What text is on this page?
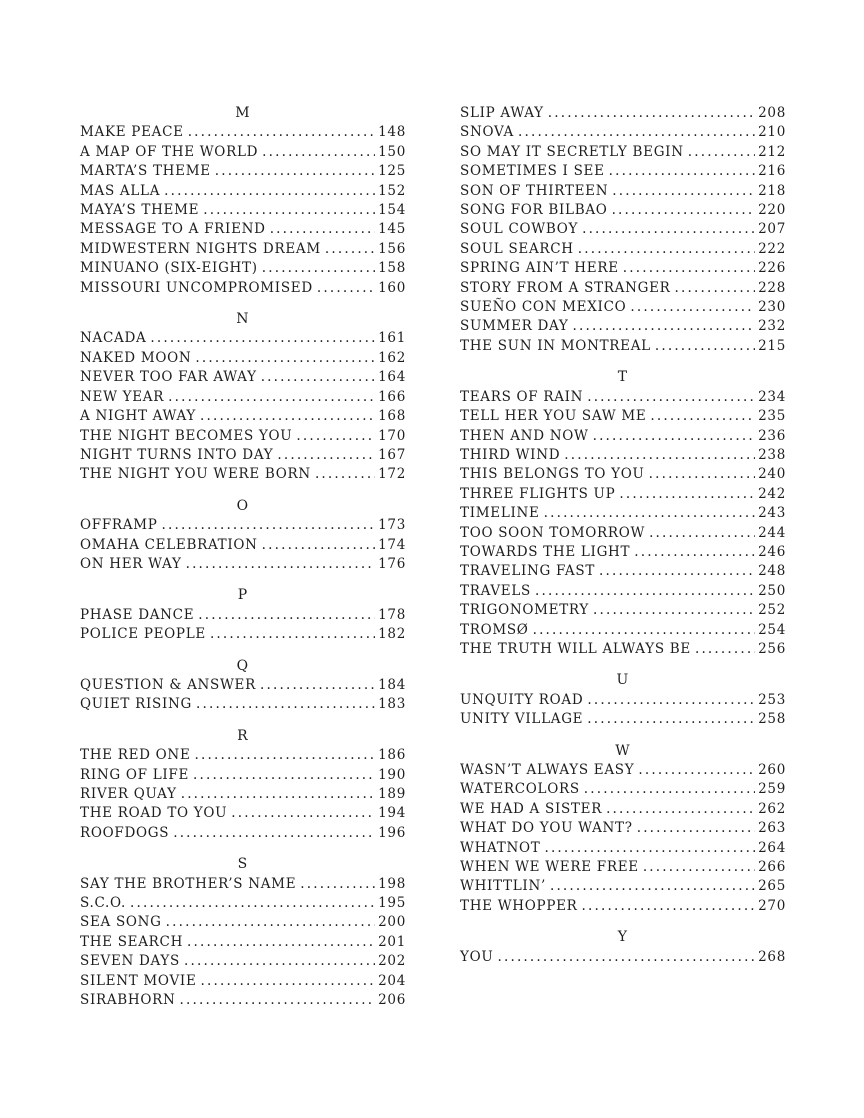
M
MAKE PEACE .....	148
A MAP OF THE WORLD .....	150
MARTA’S THEME .....	125
MAS ALLA .....	152
MAYA’S THEME .....	154
MESSAGE TO A FRIEND .....	145
MIDWESTERN NIGHTS DREAM .....	156
MINUANO (SIX-EIGHT) .....	158
MISSOURI UNCOMPROMISED .....	160
N
NACADA .....	161
NAKED MOON .....	162
NEVER TOO FAR AWAY .....	164
NEW YEAR .....	166
A NIGHT AWAY .....	168
THE NIGHT BECOMES YOU .....	170
NIGHT TURNS INTO DAY .....	167
THE NIGHT YOU WERE BORN .....	172
O
OFFRAMP .....	173
OMAHA CELEBRATION .....	174
ON HER WAY .....	176
P
PHASE DANCE .....	178
POLICE PEOPLE .....	182
Q
QUESTION & ANSWER .....	184
QUIET RISING .....	183
R
THE RED ONE .....	186
RING OF LIFE .....	190
RIVER QUAY .....	189
THE ROAD TO YOU .....	194
ROOFDOGS .....	196
S
SAY THE BROTHER’S NAME .....	198
S.C.O. .....	195
SEA SONG .....	200
THE SEARCH .....	201
SEVEN DAYS .....	202
SILENT MOVIE .....	204
SIRABHORN .....	206
SLIP AWAY .....	208
SNOVA .....	210
SO MAY IT SECRETLY BEGIN .....	212
SOMETIMES I SEE .....	216
SON OF THIRTEEN .....	218
SONG FOR BILBAO .....	220
SOUL COWBOY .....	207
SOUL SEARCH .....	222
SPRING AIN’T HERE .....	226
STORY FROM A STRANGER .....	228
SUEÑO CON MEXICO .....	230
SUMMER DAY .....	232
THE SUN IN MONTREAL .....	215
T
TEARS OF RAIN .....	234
TELL HER YOU SAW ME .....	235
THEN AND NOW .....	236
THIRD WIND .....	238
THIS BELONGS TO YOU .....	240
THREE FLIGHTS UP .....	242
TIMELINE .....	243
TOO SOON TOMORROW .....	244
TOWARDS THE LIGHT .....	246
TRAVELING FAST .....	248
TRAVELS .....	250
TRIGONOMETRY .....	252
TROMSØ .....	254
THE TRUTH WILL ALWAYS BE .....	256
U
UNQUITY ROAD .....	253
UNITY VILLAGE .....	258
W
WASN’T ALWAYS EASY .....	260
WATERCOLORS .....	259
WE HAD A SISTER .....	262
WHAT DO YOU WANT? .....	263
WHATNOT .....	264
WHEN WE WERE FREE .....	266
WHITTLIN’ .....	265
THE WHOPPER .....	270
Y
YOU .....	268
